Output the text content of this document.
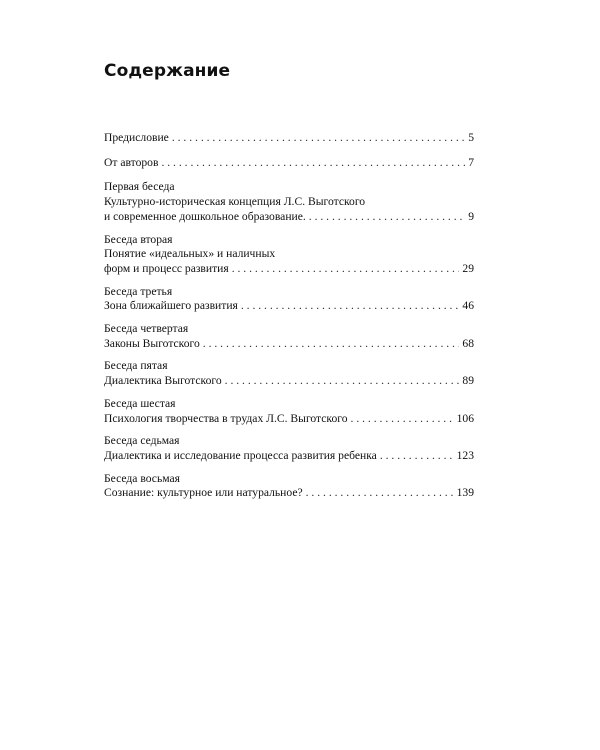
Содержание
Предисловие . . .	5
От авторов . . .	7
Первая беседа
Культурно-историческая концепция Л.С. Выготского
и современное дошкольное образование. . . .	9
Беседа вторая
Понятие «идеальных» и наличных
форм и процесс развития . . .	29
Беседа третья
Зона ближайшего развития . . .	46
Беседа четвертая
Законы Выготского . . .	68
Беседа пятая
Диалектика Выготского . . .	89
Беседа шестая
Психология творчества в трудах Л.С. Выготского . . .	106
Беседа седьмая
Диалектика и исследование процесса развития ребенка . . .	123
Беседа восьмая
Сознание: культурное или натуральное? . . .	139
